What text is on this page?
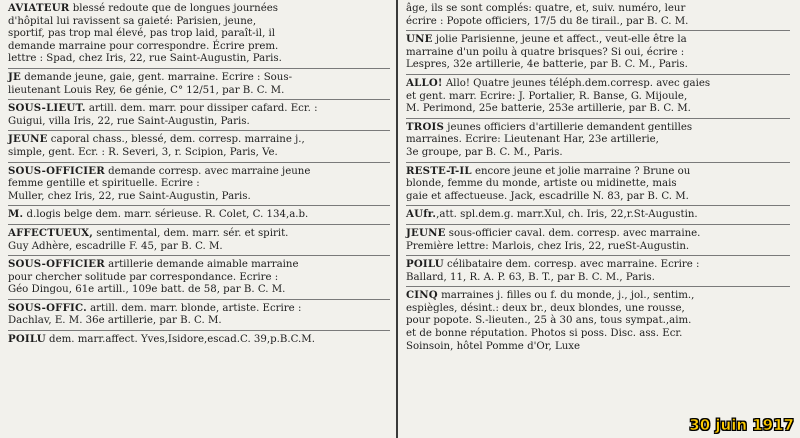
AVIATEUR blessé redoute que de longues journées
d'hôpital lui ravissent sa gaieté: Parisien, jeune,
sportif, pas trop mal élevé, pas trop laid, paraît-il, il
demande marraine pour correspondre. Écrire prem.
lettre : Spad, chez Iris, 22, rue Saint-Augustin, Paris.

JE demande jeune, gaie, gent. marraine. Ecrire : Sous-
lieutenant Louis Rey, 6e génie, C° 12/51, par B. C. M.

SOUS-LIEUT. artill. dem. marr. pour dissiper cafard. Ecr. :
Guigui, villa Iris, 22, rue Saint-Augustin, Paris.

JEUNE caporal chass., blessé, dem. corresp. marraine j.,
simple, gent. Ecr. : R. Severi, 3, r. Scipion, Paris, Ve.

SOUS-OFFICIER demande corresp. avec marraine jeune
femme gentille et spirituelle. Ecrire :
Muller, chez Iris, 22, rue Saint-Augustin, Paris.

M. d.logis belge dem. marr. sérieuse. R. Colet, C. 134,a.b.

AFFECTUEUX, sentimental, dem. marr. sér. et spirit.
Guy Adhère, escadrille F. 45, par B. C. M.

SOUS-OFFICIER artillerie demande aimable marraine
pour chercher solitude par correspondance. Ecrire :
Géo Dingou, 61e artill., 109e batt. de 58, par B. C. M.

SOUS-OFFIC. artill. dem. marr. blonde, artiste. Ecrire :
Dachlav, E. M. 36e artillerie, par B. C. M.

POILU dem. marr.affect. Yves,Isidore,escad.C. 39,p.B.C.M.

âge, ils se sont complés: quatre, et, suiv. numéro, leur
écrire : Popote officiers, 17/5 du 8e tirail., par B. C. M.

UNE jolie Parisienne, jeune et affect., veut-elle être la
marraine d'un poilu à quatre brisques? Si oui, écrire :
Lespres, 32e artillerie, 4e batterie, par B. C. M., Paris.

ALLO! Allo! Quatre jeunes téléph.dem.corresp. avec gaies
et gent. marr. Ecrire: J. Portalier, R. Banse, G. Mijoule,
M. Perimond, 25e batterie, 253e artillerie, par B. C. M.

TROIS jeunes officiers d'artillerie demandent gentilles
marraines. Ecrire: Lieutenant Har, 23e artillerie,
3e groupe, par B. C. M., Paris.

RESTE-T-IL encore jeune et jolie marraine ? Brune ou
blonde, femme du monde, artiste ou midinette, mais
gaie et affectueuse. Jack, escadrille N. 83, par B. C. M.

AUfr.,att. spl.dem.g. marr.Xul, ch. Iris, 22,r.St-Augustin.

JEUNE sous-officier caval. dem. corresp. avec marraine.
Première lettre: Marlois, chez Iris, 22, rueSt-Augustin.

POILU célibataire dem. corresp. avec marraine. Ecrire :
Ballard, 11, R. A. P. 63, B. T., par B. C. M., Paris.

CINQ marraines j. filles ou f. du monde, j., jol., sentim.,
espiègles, désint.: deux br., deux blondes, une rousse,
pour popote. S.-lieuten., 25 à 30 ans, tous sympat.,aim.
et de bonne réputation. Photos si poss. Disc. ass. Ecr.
Soinsoin, hôtel Pomme d'Or, Luxe

30 juin 1917
